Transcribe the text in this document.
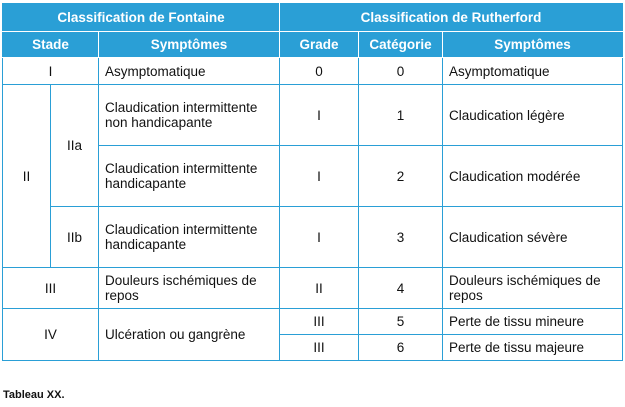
Classification de Fontaine			Classification de Rutherford		
Stade		Symptômes	Grade	Catégorie	Symptômes
I		Asymptomatique	0	0	Asymptomatique
II	IIa	Claudication intermittente non handicapante	I	1	Claudication légère
		Claudication intermittente handicapante	I	2	Claudication modérée
	IIb	Claudication intermittente handicapante	I	3	Claudication sévère
III		Douleurs ischémiques de repos	II	4	Douleurs ischémiques de repos
IV		Ulcération ou gangrène	III	5	Perte de tissu mineure
			III	6	Perte de tissu majeure
Tableau XX.
